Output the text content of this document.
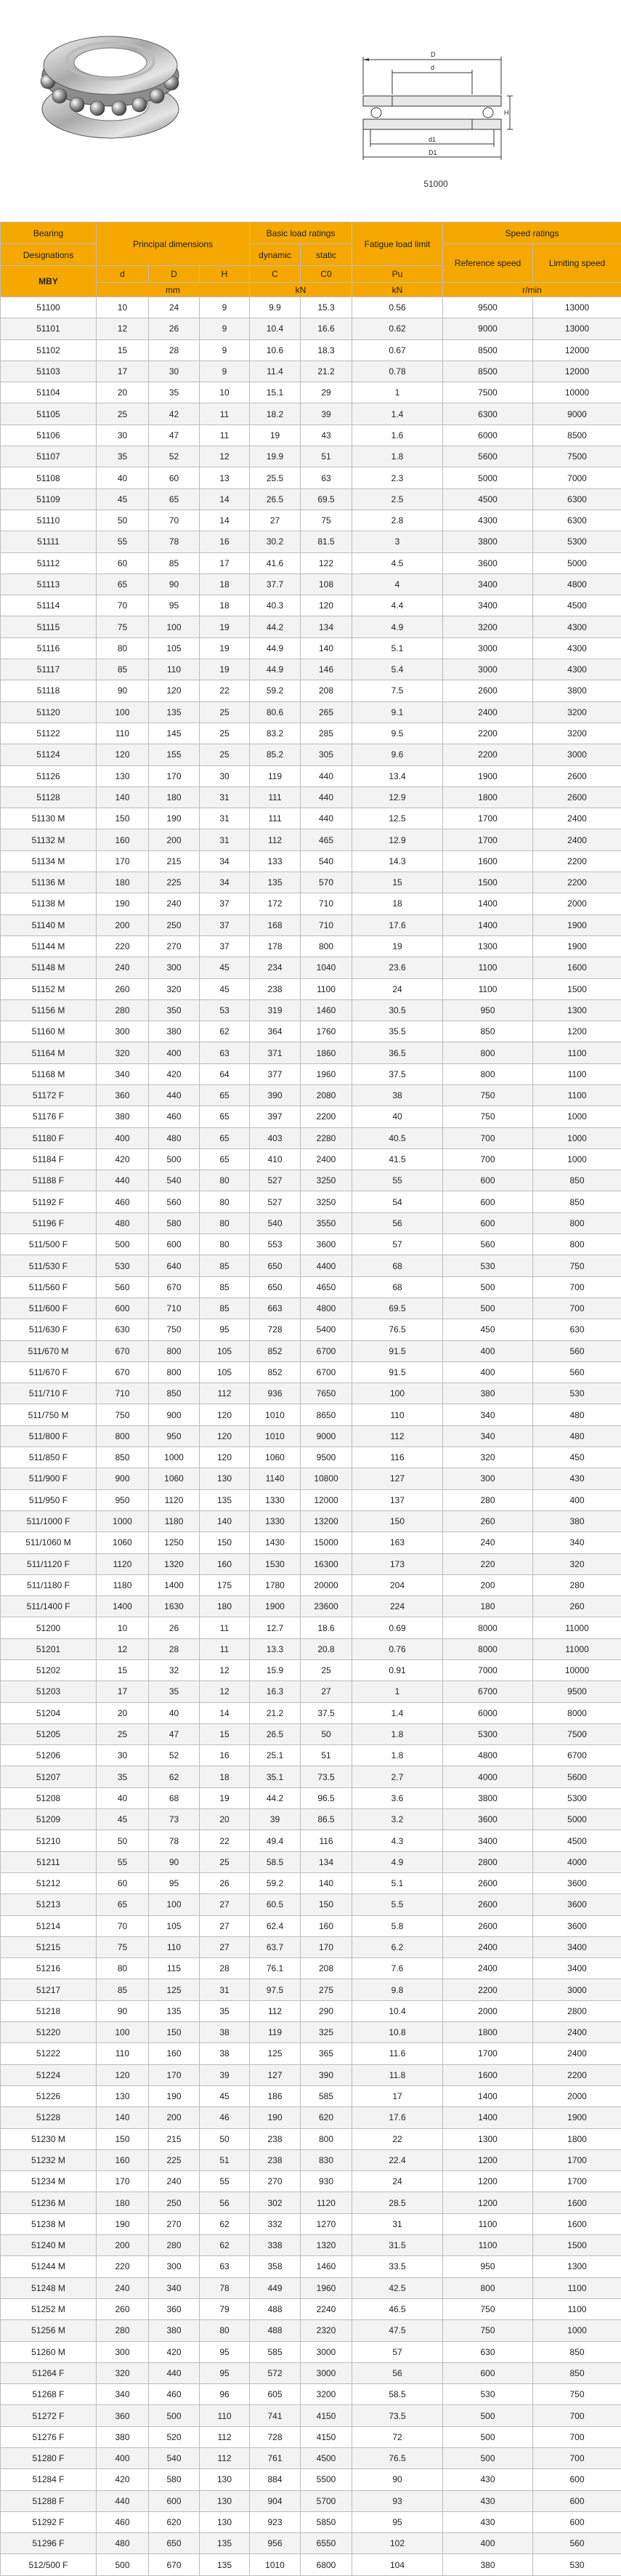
D
d
d1
D1
H
51000
Bearing	Principal dimensions			Basic load ratings		Fatigue load limit	Speed ratings	
Designations				dynamic	static		Reference speed	Limiting speed
MBY	d	D	H	C	C0	Pu		
	mm			kN		kN	r/min	
51100	10	24	9	9.9	15.3	0.56	9500	13000
51101	12	26	9	10.4	16.6	0.62	9000	13000
51102	15	28	9	10.6	18.3	0.67	8500	12000
51103	17	30	9	11.4	21.2	0.78	8500	12000
51104	20	35	10	15.1	29	1	7500	10000
51105	25	42	11	18.2	39	1.4	6300	9000
51106	30	47	11	19	43	1.6	6000	8500
51107	35	52	12	19.9	51	1.8	5600	7500
51108	40	60	13	25.5	63	2.3	5000	7000
51109	45	65	14	26.5	69.5	2.5	4500	6300
51110	50	70	14	27	75	2.8	4300	6300
51111	55	78	16	30.2	81.5	3	3800	5300
51112	60	85	17	41.6	122	4.5	3600	5000
51113	65	90	18	37.7	108	4	3400	4800
51114	70	95	18	40.3	120	4.4	3400	4500
51115	75	100	19	44.2	134	4.9	3200	4300
51116	80	105	19	44.9	140	5.1	3000	4300
51117	85	110	19	44.9	146	5.4	3000	4300
51118	90	120	22	59.2	208	7.5	2600	3800
51120	100	135	25	80.6	265	9.1	2400	3200
51122	110	145	25	83.2	285	9.5	2200	3200
51124	120	155	25	85.2	305	9.6	2200	3000
51126	130	170	30	119	440	13.4	1900	2600
51128	140	180	31	111	440	12.9	1800	2600
51130 M	150	190	31	111	440	12.5	1700	2400
51132 M	160	200	31	112	465	12.9	1700	2400
51134 M	170	215	34	133	540	14.3	1600	2200
51136 M	180	225	34	135	570	15	1500	2200
51138 M	190	240	37	172	710	18	1400	2000
51140 M	200	250	37	168	710	17.6	1400	1900
51144 M	220	270	37	178	800	19	1300	1900
51148 M	240	300	45	234	1040	23.6	1100	1600
51152 M	260	320	45	238	1100	24	1100	1500
51156 M	280	350	53	319	1460	30.5	950	1300
51160 M	300	380	62	364	1760	35.5	850	1200
51164 M	320	400	63	371	1860	36.5	800	1100
51168 M	340	420	64	377	1960	37.5	800	1100
51172 F	360	440	65	390	2080	38	750	1100
51176 F	380	460	65	397	2200	40	750	1000
51180 F	400	480	65	403	2280	40.5	700	1000
51184 F	420	500	65	410	2400	41.5	700	1000
51188 F	440	540	80	527	3250	55	600	850
51192 F	460	560	80	527	3250	54	600	850
51196 F	480	580	80	540	3550	56	600	800
511/500 F	500	600	80	553	3600	57	560	800
511/530 F	530	640	85	650	4400	68	530	750
511/560 F	560	670	85	650	4650	68	500	700
511/600 F	600	710	85	663	4800	69.5	500	700
511/630 F	630	750	95	728	5400	76.5	450	630
511/670 M	670	800	105	852	6700	91.5	400	560
511/670 F	670	800	105	852	6700	91.5	400	560
511/710 F	710	850	112	936	7650	100	380	530
511/750 M	750	900	120	1010	8650	110	340	480
511/800 F	800	950	120	1010	9000	112	340	480
511/850 F	850	1000	120	1060	9500	116	320	450
511/900 F	900	1060	130	1140	10800	127	300	430
511/950 F	950	1120	135	1330	12000	137	280	400
511/1000 F	1000	1180	140	1330	13200	150	260	380
511/1060 M	1060	1250	150	1430	15000	163	240	340
511/1120 F	1120	1320	160	1530	16300	173	220	320
511/1180 F	1180	1400	175	1780	20000	204	200	280
511/1400 F	1400	1630	180	1900	23600	224	180	260
51200	10	26	11	12.7	18.6	0.69	8000	11000
51201	12	28	11	13.3	20.8	0.76	8000	11000
51202	15	32	12	15.9	25	0.91	7000	10000
51203	17	35	12	16.3	27	1	6700	9500
51204	20	40	14	21.2	37.5	1.4	6000	8000
51205	25	47	15	26.5	50	1.8	5300	7500
51206	30	52	16	25.1	51	1.8	4800	6700
51207	35	62	18	35.1	73.5	2.7	4000	5600
51208	40	68	19	44.2	96.5	3.6	3800	5300
51209	45	73	20	39	86.5	3.2	3600	5000
51210	50	78	22	49.4	116	4.3	3400	4500
51211	55	90	25	58.5	134	4.9	2800	4000
51212	60	95	26	59.2	140	5.1	2600	3600
51213	65	100	27	60.5	150	5.5	2600	3600
51214	70	105	27	62.4	160	5.8	2600	3600
51215	75	110	27	63.7	170	6.2	2400	3400
51216	80	115	28	76.1	208	7.6	2400	3400
51217	85	125	31	97.5	275	9.8	2200	3000
51218	90	135	35	112	290	10.4	2000	2800
51220	100	150	38	119	325	10.8	1800	2400
51222	110	160	38	125	365	11.6	1700	2400
51224	120	170	39	127	390	11.8	1600	2200
51226	130	190	45	186	585	17	1400	2000
51228	140	200	46	190	620	17.6	1400	1900
51230 M	150	215	50	238	800	22	1300	1800
51232 M	160	225	51	238	830	22.4	1200	1700
51234 M	170	240	55	270	930	24	1200	1700
51236 M	180	250	56	302	1120	28.5	1200	1600
51238 M	190	270	62	332	1270	31	1100	1600
51240 M	200	280	62	338	1320	31.5	1100	1500
51244 M	220	300	63	358	1460	33.5	950	1300
51248 M	240	340	78	449	1960	42.5	800	1100
51252 M	260	360	79	488	2240	46.5	750	1100
51256 M	280	380	80	488	2320	47.5	750	1000
51260 M	300	420	95	585	3000	57	630	850
51264 F	320	440	95	572	3000	56	600	850
51268 F	340	460	96	605	3200	58.5	530	750
51272 F	360	500	110	741	4150	73.5	500	700
51276 F	380	520	112	728	4150	72	500	700
51280 F	400	540	112	761	4500	76.5	500	700
51284 F	420	580	130	884	5500	90	430	600
51288 F	440	600	130	904	5700	93	430	600
51292 F	460	620	130	923	5850	95	430	600
51296 F	480	650	135	956	6550	102	400	560
512/500 F	500	670	135	1010	6800	104	380	530
